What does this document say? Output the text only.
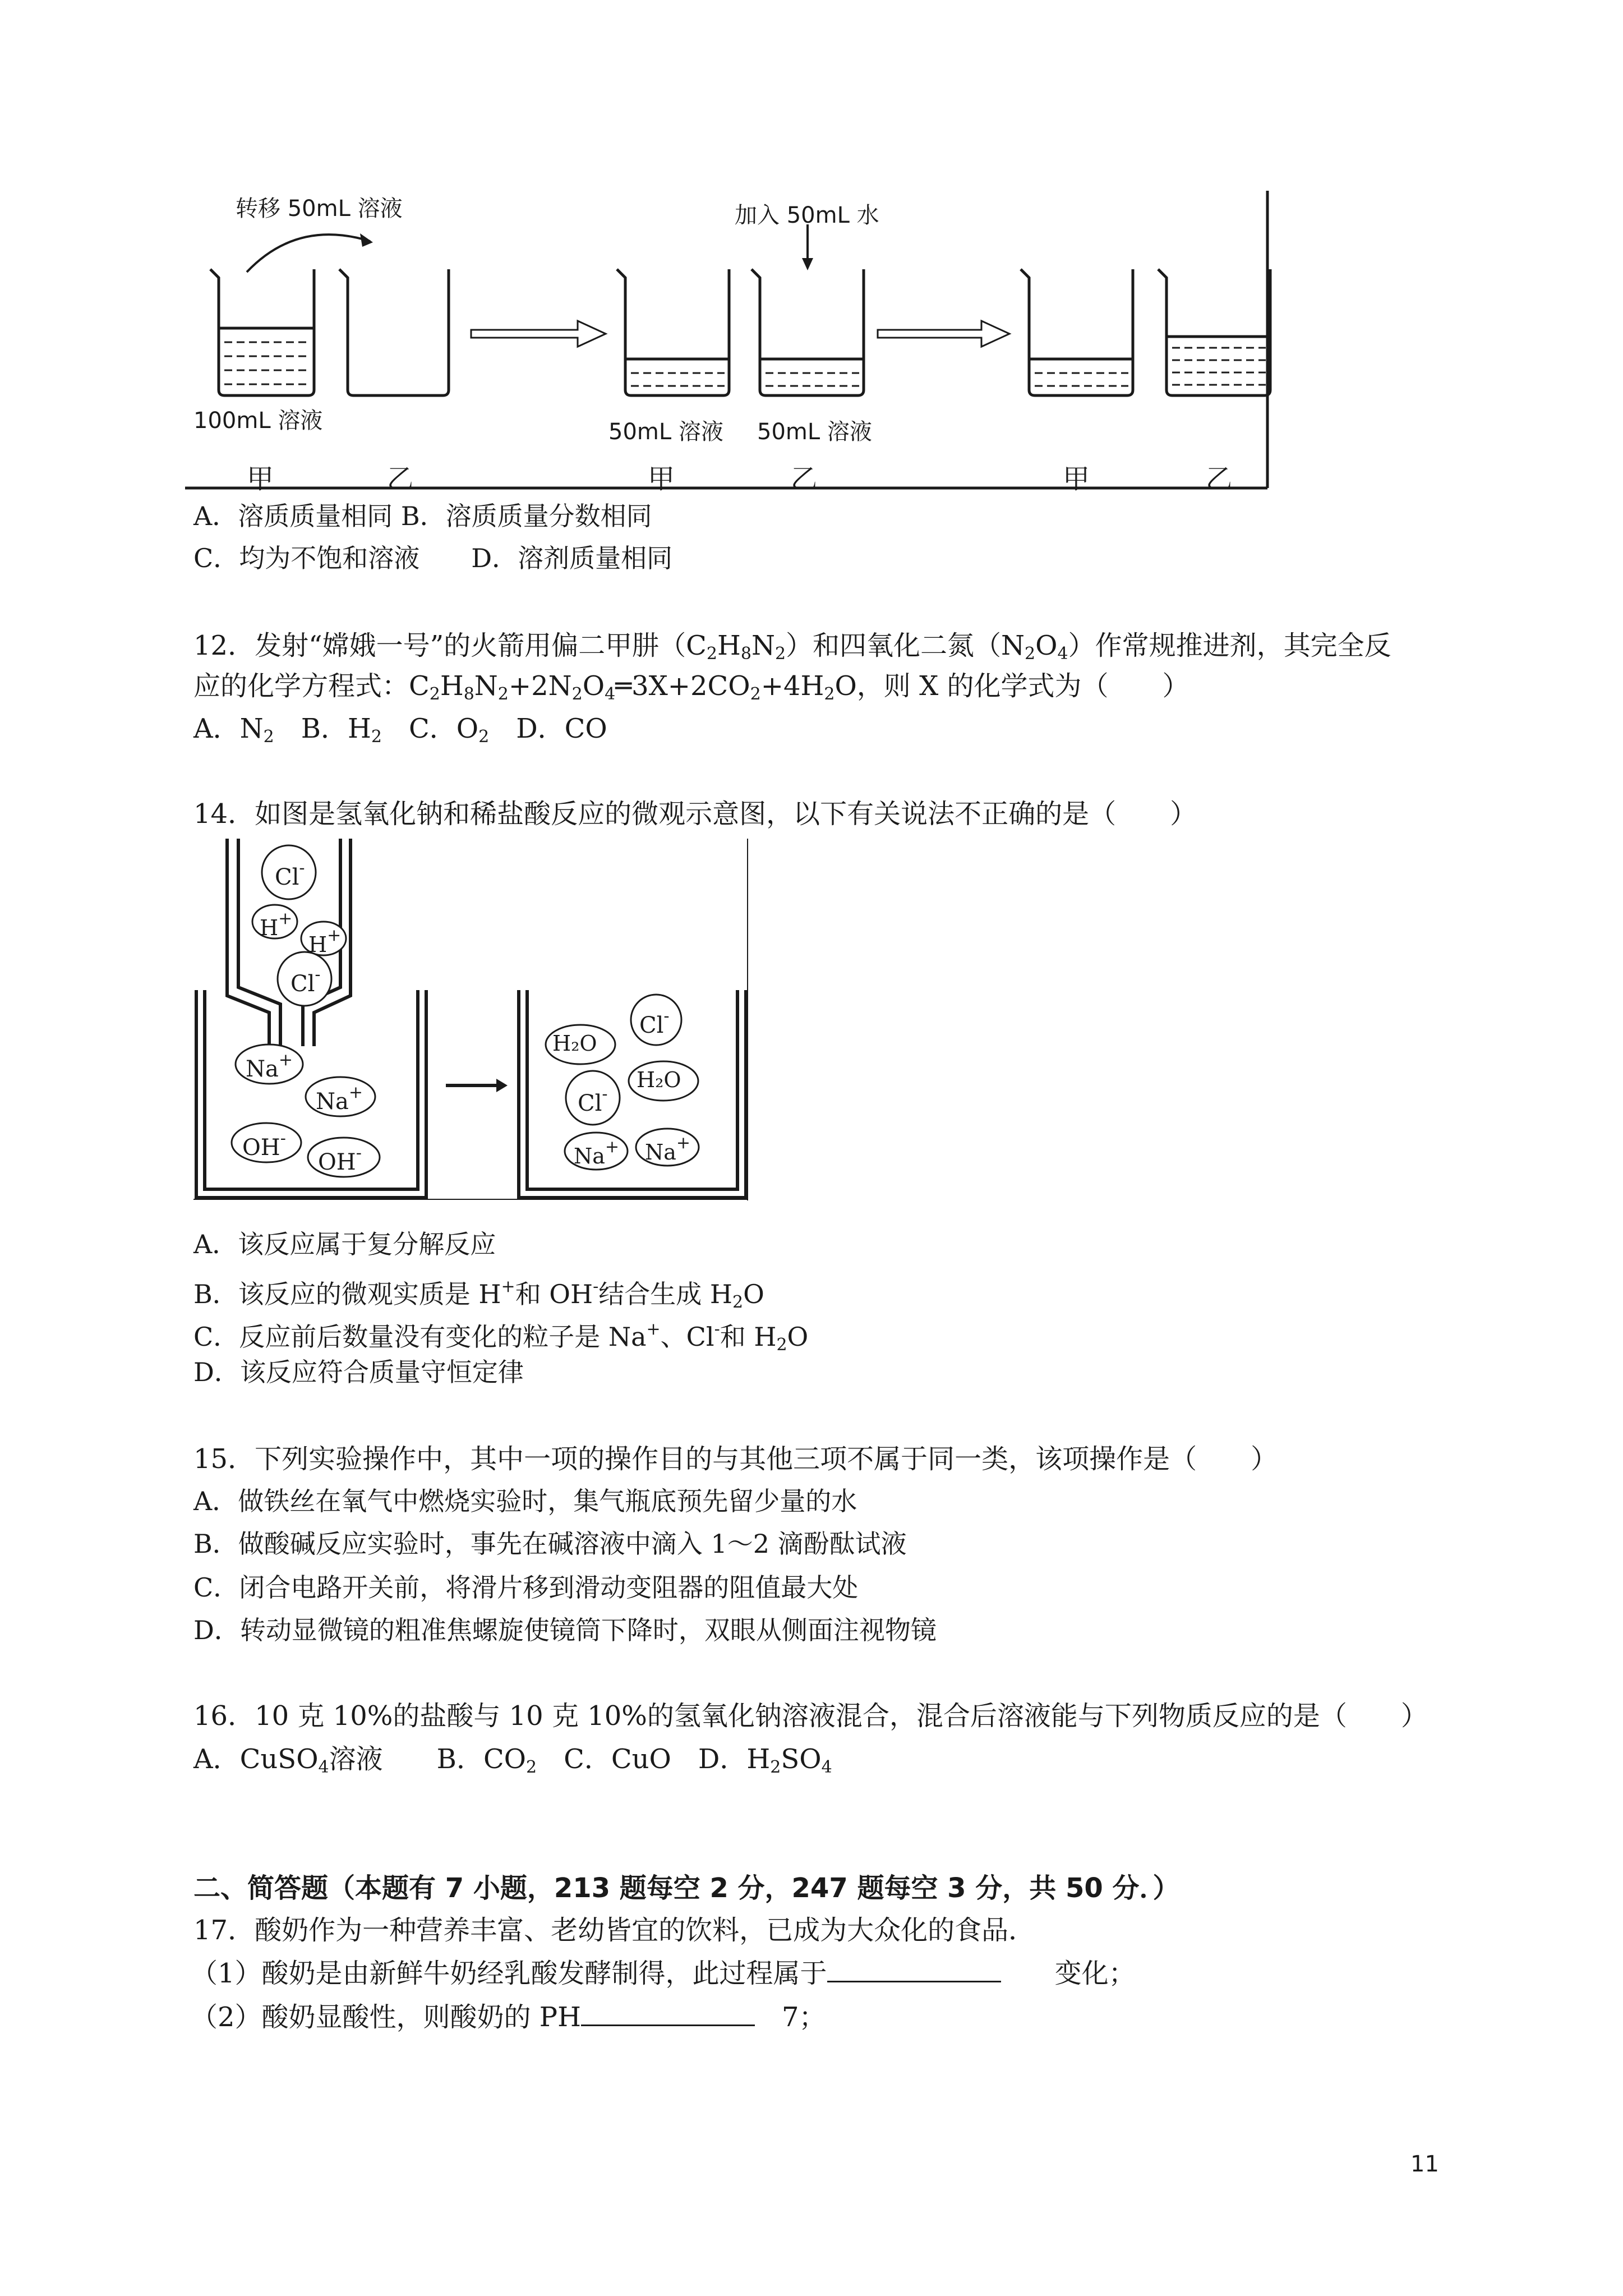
转移 50mL 溶液	加入 50mL 水
100mL 溶液	50mL 溶液 50mL 溶液
甲	乙	甲	乙	甲	乙
A．溶质质量相同 B．溶质质量分数相同
C．均为不饱和溶液　　D．溶剂质量相同
12．发射“嫦娥一号”的火箭用偏二甲肼$(C_2H_8N_2)$和四氧化二氮$(N_2O_4)$作常规推进剂，其完全反
应的化学方程式：$C_2H_8N_2+2N_2O_4═3X+2CO_2+4H_2O$，则 X 的化学式为（　　）
A．$N_2$　B．$H_2$　C．$O_2$　D．CO
14．如图是氢氧化钠和稀盐酸反应的微观示意图，以下有关说法不正确的是（　　）
Cl-
H+
H+
Cl-
Na+
Na+
OH-
OH-
H₂O
Cl-
Cl-
H₂O
Na+ Na+
A．该反应属于复分解反应
B．该反应的微观实质是 H+和 OH-结合生成 $H_2O$
C．反应前后数量没有变化的粒子是 Na+、Cl-和 $H_2O$
D．该反应符合质量守恒定律
15．下列实验操作中，其中一项的操作目的与其他三项不属于同一类，该项操作是（　　）
A．做铁丝在氧气中燃烧实验时，集气瓶底预先留少量的水
B．做酸碱反应实验时，事先在碱溶液中滴入 1～2 滴酚酞试液
C．闭合电路开关前，将滑片移到滑动变阻器的阻值最大处
D．转动显微镜的粗准焦螺旋使镜筒下降时，双眼从侧面注视物镜
16．10 克 10%的盐酸与 10 克 10%的氢氧化钠溶液混合，混合后溶液能与下列物质反应的是（　　）
A．CuSO$_4$溶液　　 B．$CO_2$　 C．CuO　 D．$H_2SO_4$
二、简答题（本题有 7 小题，213 题每空 2 分，247 题每空 3 分，共 50 分．）
17．酸奶作为一种营养丰富、老幼皆宜的饮料，已成为大众化的食品．
（1）酸奶是由新鲜牛奶经乳酸发酵制得，此过程属于　　	变化；
（2）酸奶显酸性，则酸奶的 PH　	7；
11
